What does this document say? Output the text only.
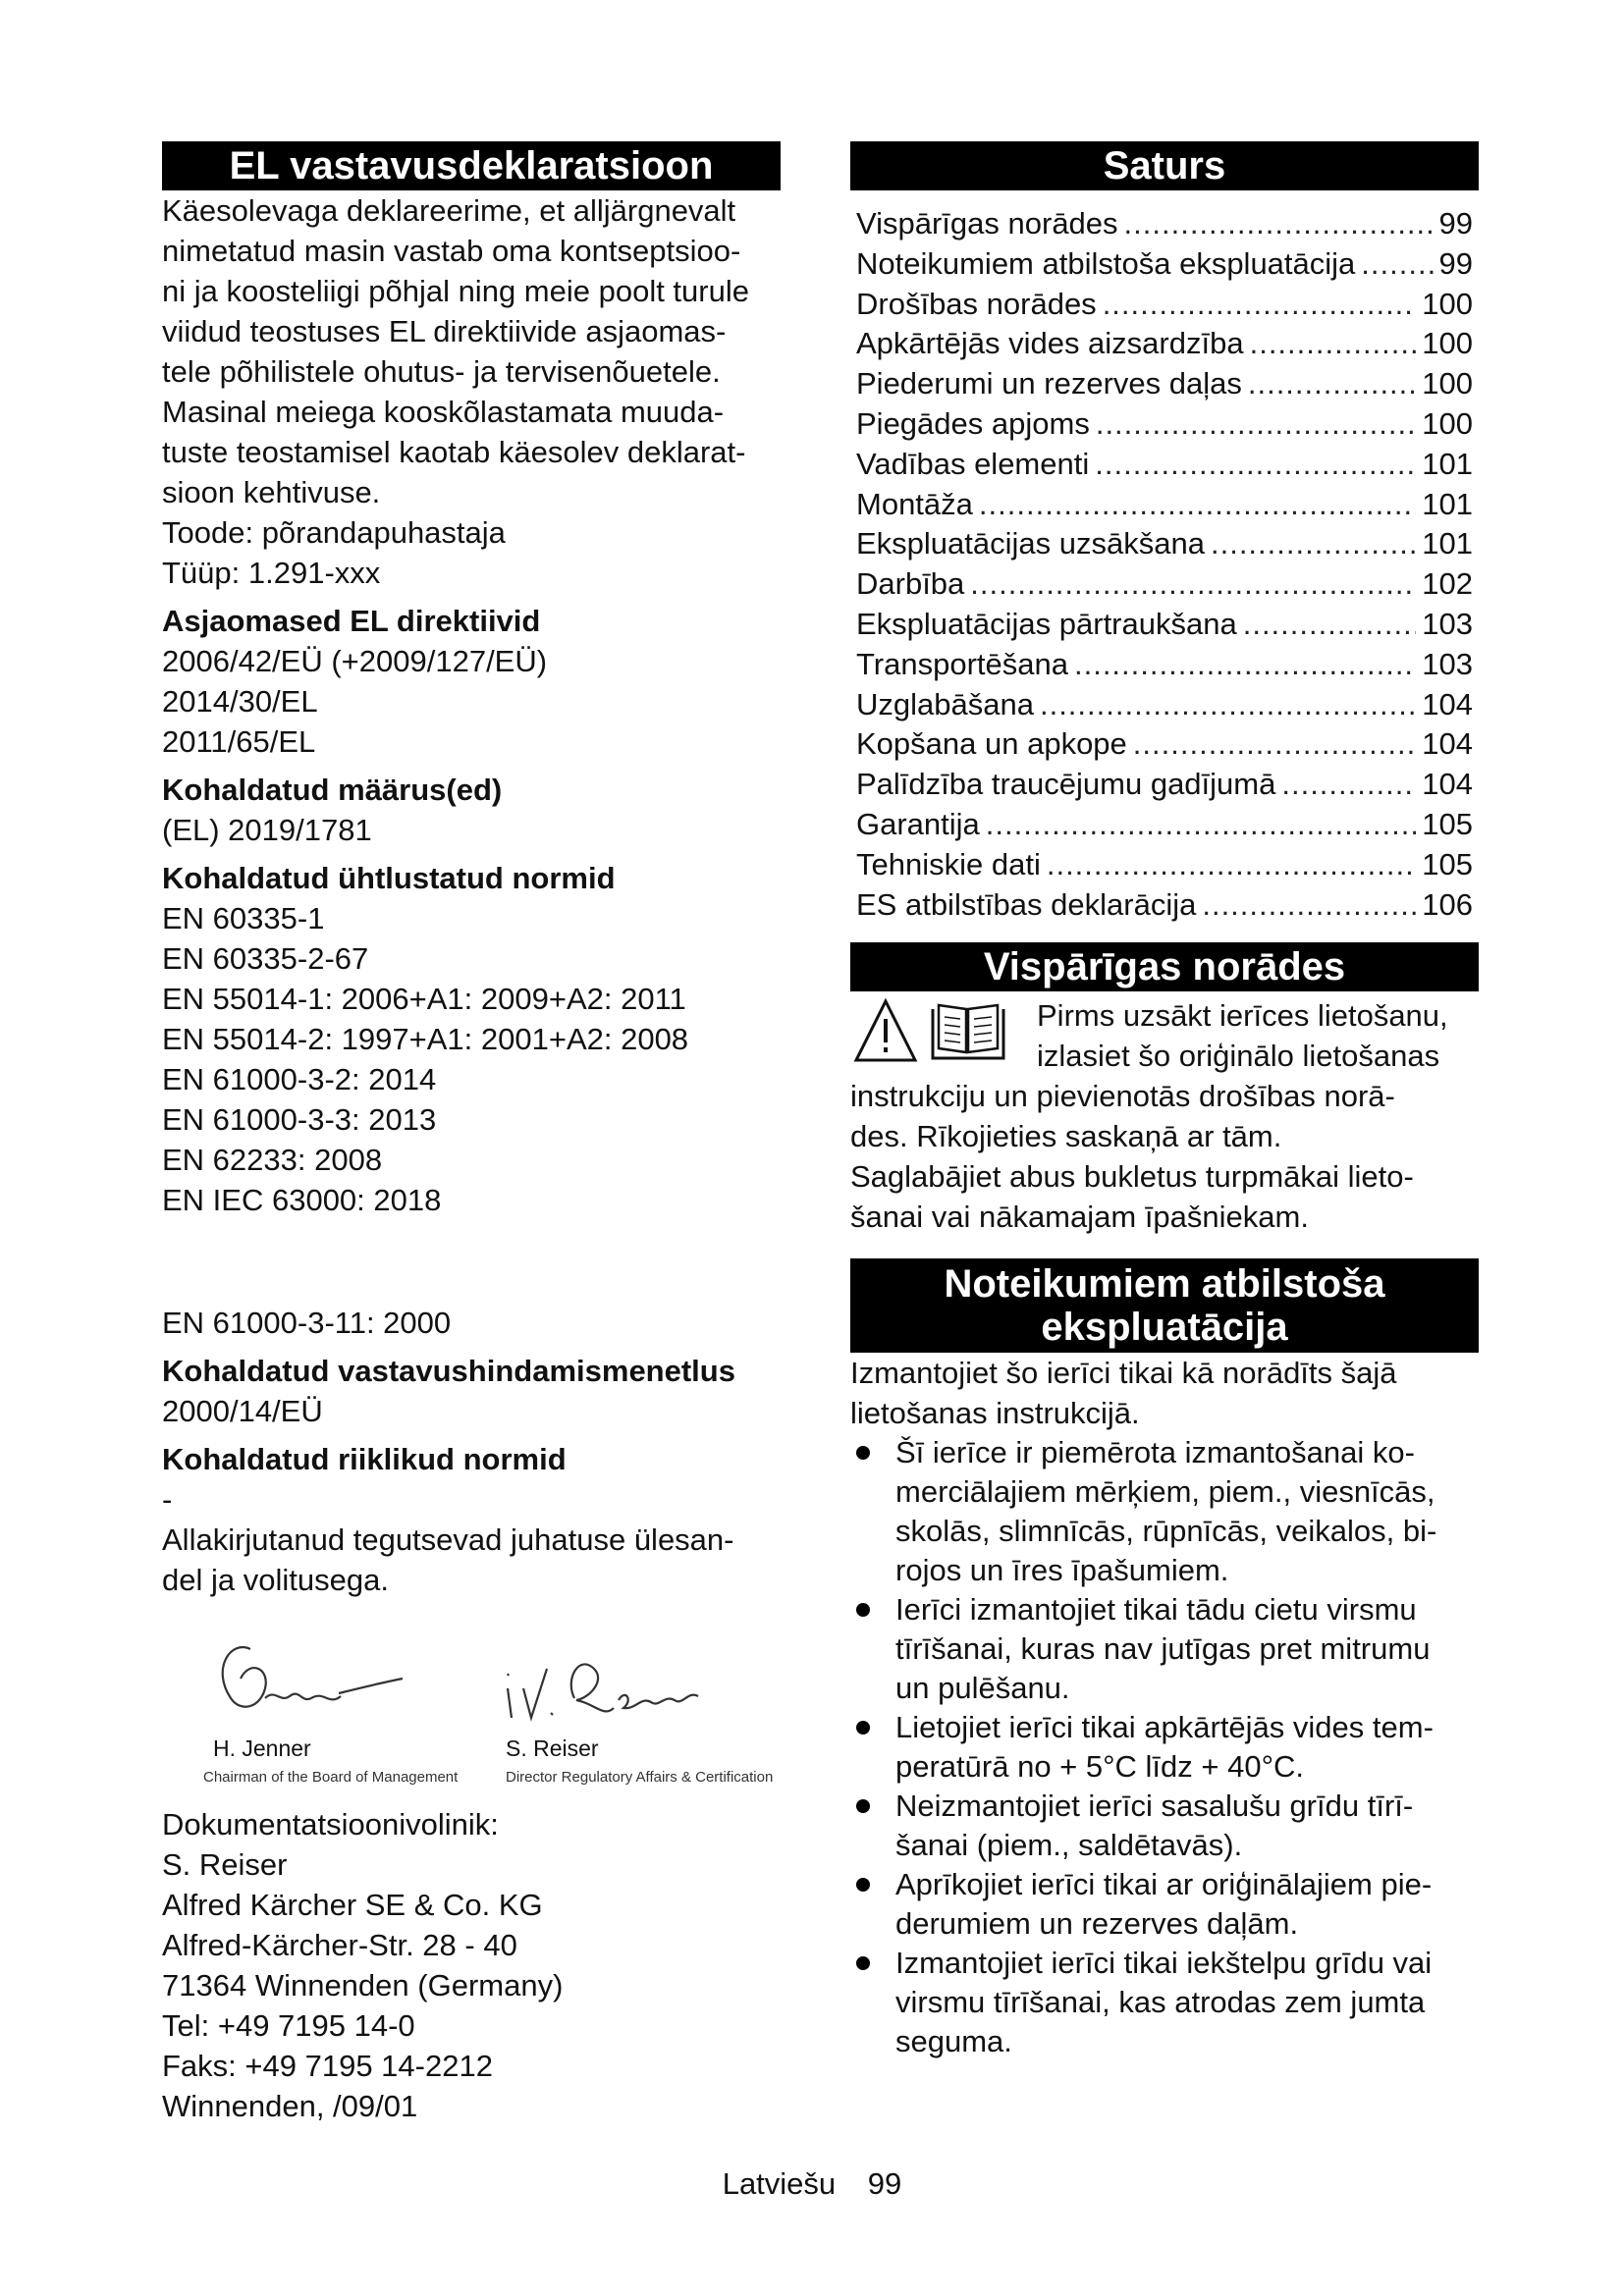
EL vastavusdeklaratsioon

Käesolevaga deklareerime, et alljärgnevalt

nimetatud masin vastab oma kontseptsioo-

ni ja koosteliigi põhjal ning meie poolt turule

viidud teostuses EL direktiivide asjaomas-

tele põhilistele ohutus- ja tervisenõuetele.

Masinal meiega kooskõlastamata muuda-

tuste teostamisel kaotab käesolev deklarat-

sioon kehtivuse.

Toode: põrandapuhastaja

Tüüp: 1.291-xxx

Asjaomased EL direktiivid

2006/42/EÜ (+2009/127/EÜ)

2014/30/EL

2011/65/EL

Kohaldatud määrus(ed)

(EL) 2019/1781

Kohaldatud ühtlustatud normid

EN 60335-1

EN 60335-2-67

EN 55014-1: 2006+A1: 2009+A2: 2011

EN 55014-2: 1997+A1: 2001+A2: 2008

EN 61000-3-2: 2014

EN 61000-3-3: 2013

EN 62233: 2008

EN IEC 63000: 2018

EN 61000-3-11: 2000

Kohaldatud vastavushindamismenetlus

2000/14/EÜ

Kohaldatud riiklikud normid

-

Allakirjutanud tegutsevad juhatuse ülesan-

del ja volitusega.

H. Jenner
Chairman of the Board of Management
S. Reiser
Director Regulatory Affairs & Certification

Dokumentatsioonivolinik:

S. Reiser

Alfred Kärcher SE & Co. KG

Alfred-Kärcher-Str. 28 - 40

71364 Winnenden (Germany)

Tel: +49 7195 14-0

Faks: +49 7195 14-2212

Winnenden, /09/01

Saturs
Vispārīgas norādes .....	99
Noteikumiem atbilstoša ekspluatācija .....	99
Drošības norādes .....	100
Apkārtējās vides aizsardzība .....	100
Piederumi un rezerves daļas .....	100
Piegādes apjoms .....	100
Vadības elementi .....	101
Montāža .....	101
Ekspluatācijas uzsākšana .....	101
Darbība .....	102
Ekspluatācijas pārtraukšana .....	103
Transportēšana .....	103
Uzglabāšana .....	104
Kopšana un apkope .....	104
Palīdzība traucējumu gadījumā .....	104
Garantija .....	105
Tehniskie dati .....	105
ES atbilstības deklarācija .....	106
Vispārīgas norādes

Pirms uzsākt ierīces lietošanu,

izlasiet šo oriģinālo lietošanas

instrukciju un pievienotās drošības norā-

des. Rīkojieties saskaņā ar tām.

Saglabājiet abus bukletus turpmākai lieto-

šanai vai nākamajam īpašniekam.

Noteikumiem atbilstoša
ekspluatācija

Izmantojiet šo ierīci tikai kā norādīts šajā

lietošanas instrukcijā.

Šī ierīce ir piemērota izmantošanai ko-
merciālajiem mērķiem, piem., viesnīcās,
skolās, slimnīcās, rūpnīcās, veikalos, bi-
rojos un īres īpašumiem.
Ierīci izmantojiet tikai tādu cietu virsmu
tīrīšanai, kuras nav jutīgas pret mitrumu
un pulēšanu.
Lietojiet ierīci tikai apkārtējās vides tem-
peratūrā no + 5°C līdz + 40°C.
Neizmantojiet ierīci sasalušu grīdu tīrī-
šanai (piem., saldētavās).
Aprīkojiet ierīci tikai ar oriģinālajiem pie-
derumiem un rezerves daļām.
Izmantojiet ierīci tikai iekštelpu grīdu vai
virsmu tīrīšanai, kas atrodas zem jumta
seguma.
Latviešu 99
